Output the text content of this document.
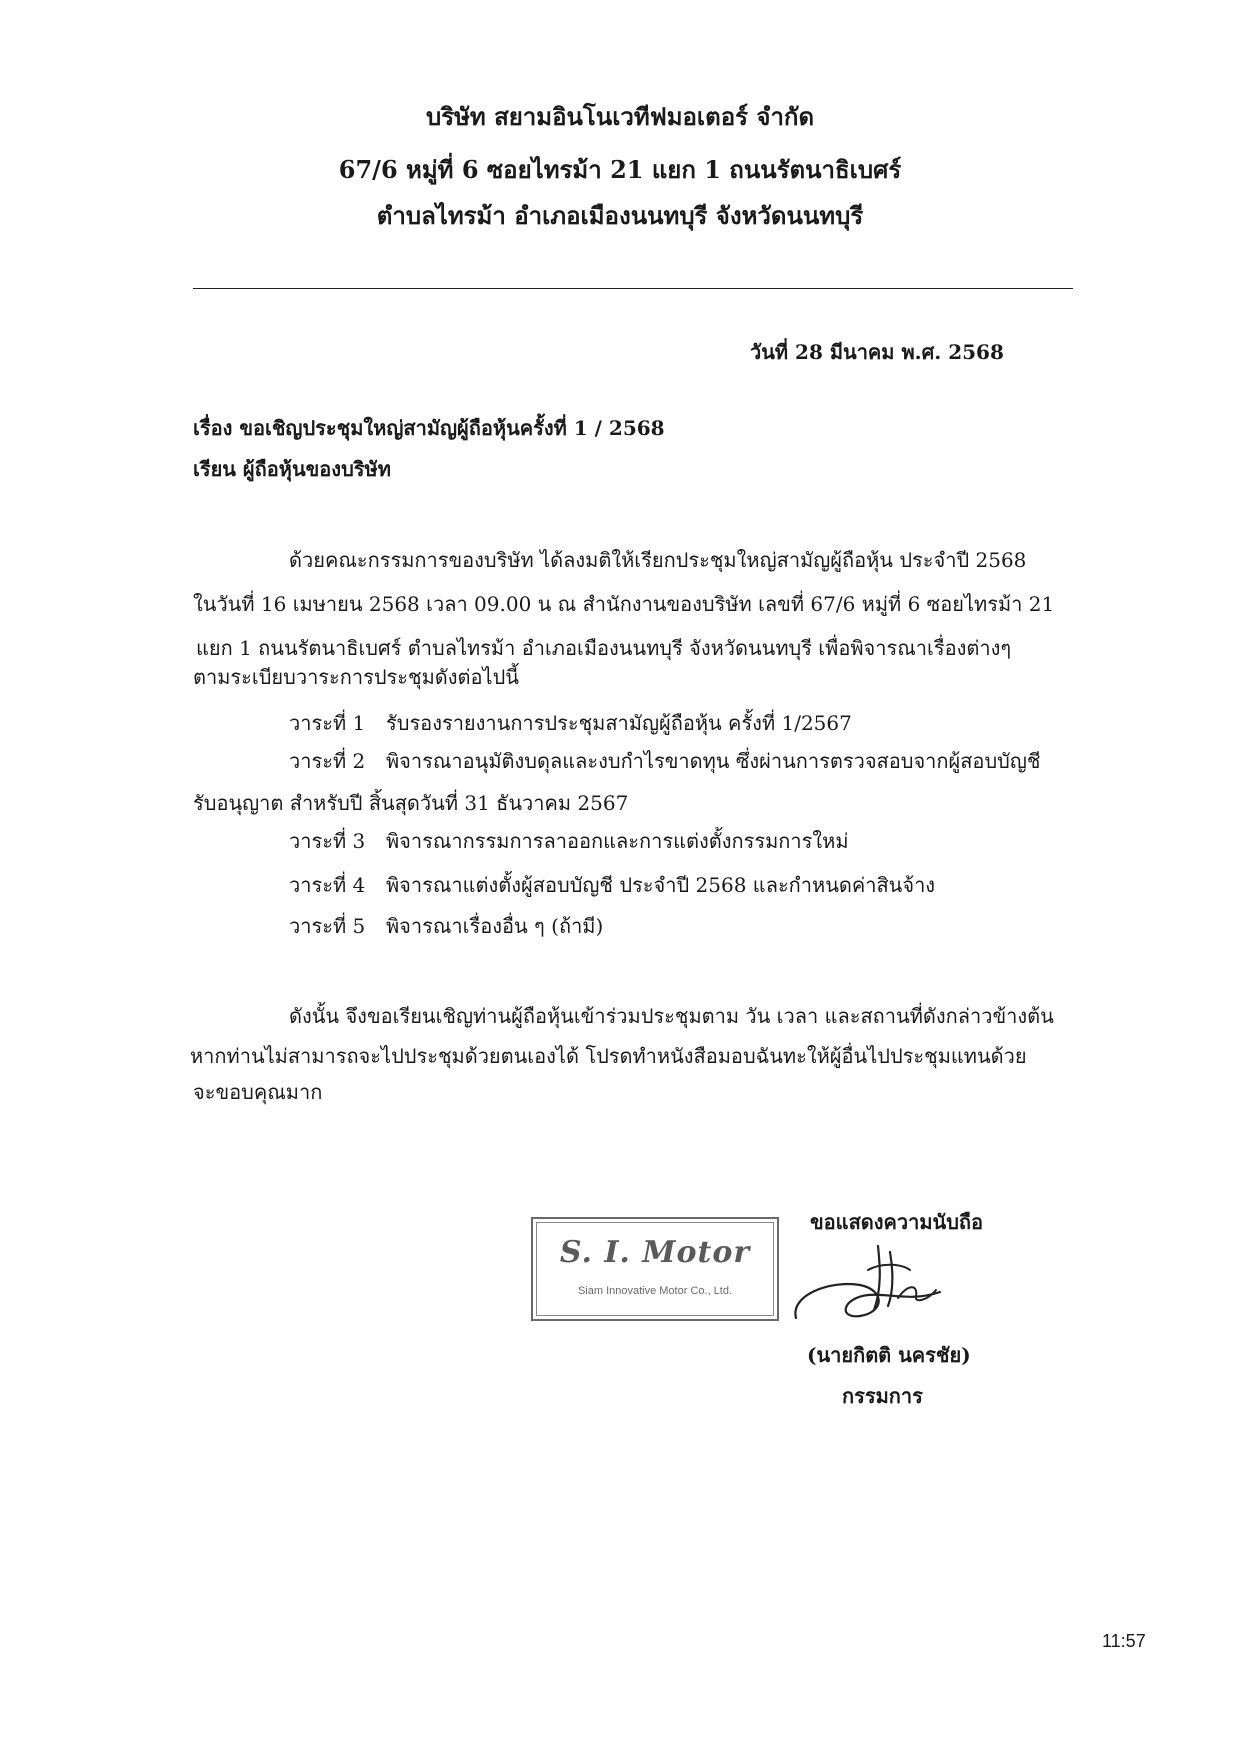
บริษัท สยามอินโนเวทีฟมอเตอร์ จำกัด
67/6 หมู่ที่ 6 ซอยไทรม้า 21 แยก 1 ถนนรัตนาธิเบศร์
ตำบลไทรม้า อำเภอเมืองนนทบุรี จังหวัดนนทบุรี
วันที่ 28 มีนาคม พ.ศ. 2568
เรื่อง ขอเชิญประชุมใหญ่สามัญผู้ถือหุ้นครั้งที่ 1 / 2568
เรียน ผู้ถือหุ้นของบริษัท
ด้วยคณะกรรมการของบริษัท ได้ลงมติให้เรียกประชุมใหญ่สามัญผู้ถือหุ้น ประจำปี 2568
ในวันที่ 16 เมษายน 2568 เวลา 09.00 น ณ สำนักงานของบริษัท เลขที่ 67/6 หมู่ที่ 6 ซอยไทรม้า 21
แยก 1 ถนนรัตนาธิเบศร์ ตำบลไทรม้า อำเภอเมืองนนทบุรี จังหวัดนนทบุรี เพื่อพิจารณาเรื่องต่างๆ
ตามระเบียบวาระการประชุมดังต่อไปนี้
วาระที่ 1 รับรองรายงานการประชุมสามัญผู้ถือหุ้น ครั้งที่ 1/2567
วาระที่ 2 พิจารณาอนุมัติงบดุลและงบกำไรขาดทุน ซึ่งผ่านการตรวจสอบจากผู้สอบบัญชี
รับอนุญาต สำหรับปี สิ้นสุดวันที่ 31 ธันวาคม 2567
วาระที่ 3 พิจารณากรรมการลาออกและการแต่งตั้งกรรมการใหม่
วาระที่ 4 พิจารณาแต่งตั้งผู้สอบบัญชี ประจำปี 2568 และกำหนดค่าสินจ้าง
วาระที่ 5 พิจารณาเรื่องอื่น ๆ (ถ้ามี)
ดังนั้น จึงขอเรียนเชิญท่านผู้ถือหุ้นเข้าร่วมประชุมตาม วัน เวลา และสถานที่ดังกล่าวข้างต้น
หากท่านไม่สามารถจะไปประชุมด้วยตนเองได้ โปรดทำหนังสือมอบฉันทะให้ผู้อื่นไปประชุมแทนด้วย
จะขอบคุณมาก
S. I. Motor
Siam Innovative Motor Co., Ltd.
ขอแสดงความนับถือ
(นายกิตติ นครชัย)
กรรมการ
11:57
